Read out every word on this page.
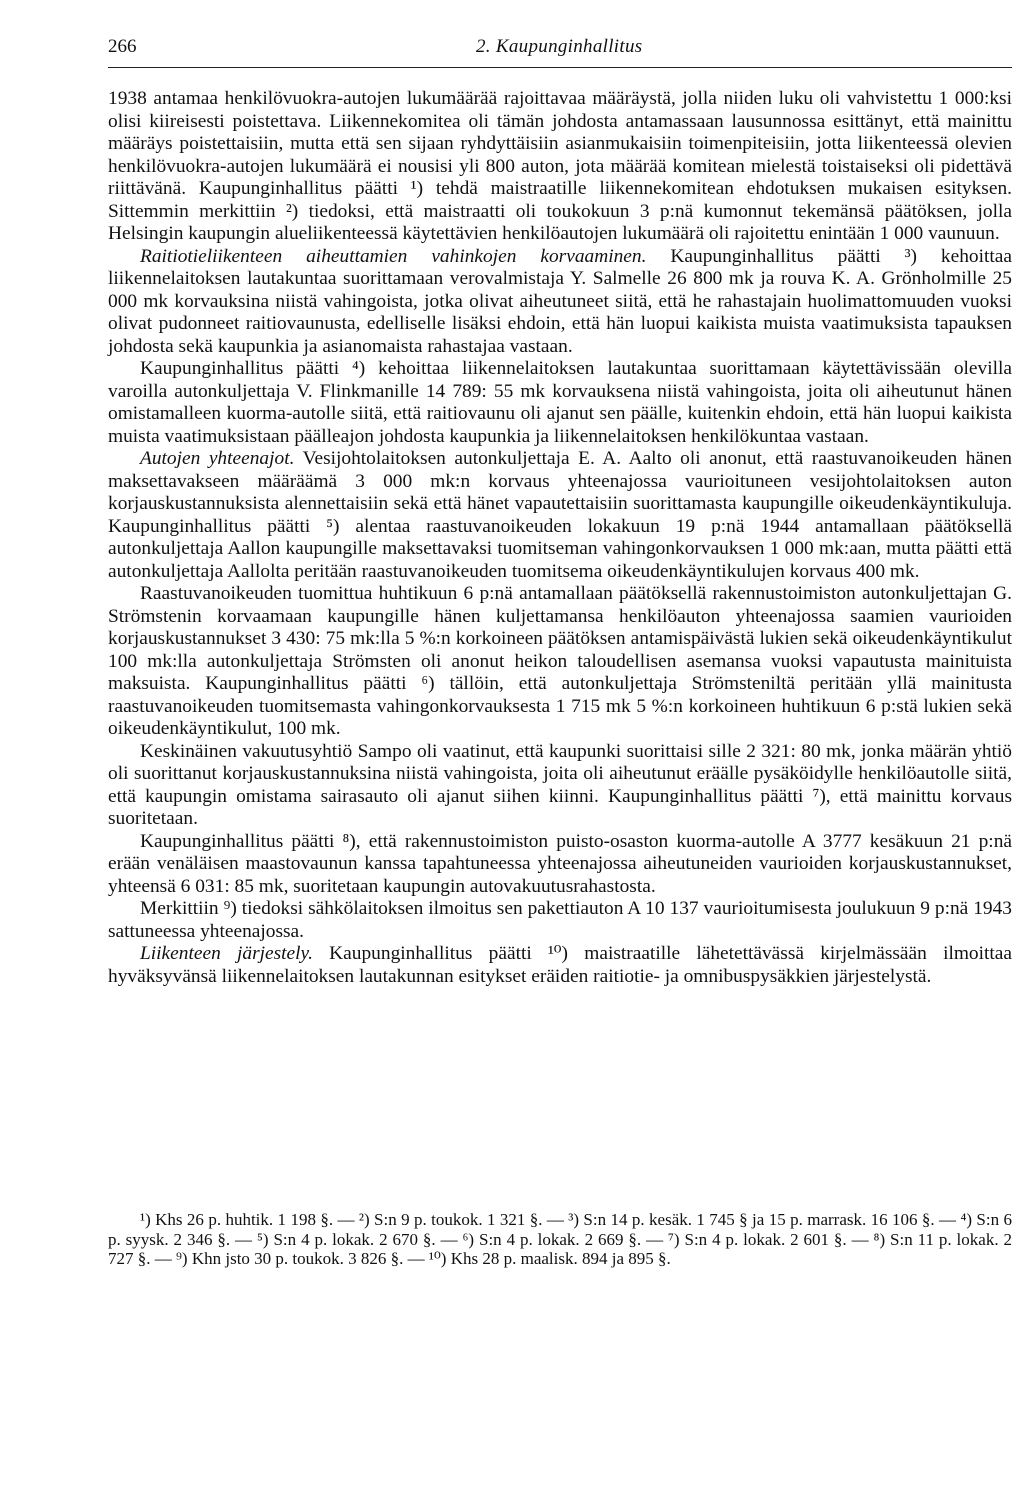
266	2. Kaupunginhallitus

1938 antamaa henkilövuokra-autojen lukumäärää rajoittavaa määräystä, jolla niiden luku oli vahvistettu 1 000:ksi olisi kiireisesti poistettava. Liikennekomitea oli tämän johdosta antamassaan lausunnossa esittänyt, että mainittu määräys poistettaisiin, mutta että sen sijaan ryhdyttäisiin asianmukaisiin toimenpiteisiin, jotta liikenteessä olevien henkilövuokra-autojen lukumäärä ei nousisi yli 800 auton, jota määrää komitean mielestä toistaiseksi oli pidettävä riittävänä. Kaupunginhallitus päätti ¹) tehdä maistraatille liikennekomitean ehdotuksen mukaisen esityksen. Sittemmin merkittiin ²) tiedoksi, että maistraatti oli toukokuun 3 p:nä kumonnut tekemänsä päätöksen, jolla Helsingin kaupungin alueliikenteessä käytettävien henkilöautojen lukumäärä oli rajoitettu enintään 1 000 vaunuun.

Raitiotieliikenteen aiheuttamien vahinkojen korvaaminen. Kaupunginhallitus päätti ³) kehoittaa liikennelaitoksen lautakuntaa suorittamaan verovalmistaja Y. Salmelle 26 800 mk ja rouva K. A. Grönholmille 25 000 mk korvauksina niistä vahingoista, jotka olivat aiheutuneet siitä, että he rahastajain huolimattomuuden vuoksi olivat pudonneet raitiovaunusta, edelliselle lisäksi ehdoin, että hän luopui kaikista muista vaatimuksista tapauksen johdosta sekä kaupunkia ja asianomaista rahastajaa vastaan.

Kaupunginhallitus päätti ⁴) kehoittaa liikennelaitoksen lautakuntaa suorittamaan käytettävissään olevilla varoilla autonkuljettaja V. Flinkmanille 14 789: 55 mk korvauksena niistä vahingoista, joita oli aiheutunut hänen omistamalleen kuorma-autolle siitä, että raitiovaunu oli ajanut sen päälle, kuitenkin ehdoin, että hän luopui kaikista muista vaatimuksistaan päälleajon johdosta kaupunkia ja liikennelaitoksen henkilökuntaa vastaan.

Autojen yhteenajot. Vesijohtolaitoksen autonkuljettaja E. A. Aalto oli anonut, että raastuvanoikeuden hänen maksettavakseen määräämä 3 000 mk:n korvaus yhteenajossa vaurioituneen vesijohtolaitoksen auton korjauskustannuksista alennettaisiin sekä että hänet vapautettaisiin suorittamasta kaupungille oikeudenkäyntikuluja. Kaupunginhallitus päätti ⁵) alentaa raastuvanoikeuden lokakuun 19 p:nä 1944 antamallaan päätöksellä autonkuljettaja Aallon kaupungille maksettavaksi tuomitseman vahingonkorvauksen 1 000 mk:aan, mutta päätti että autonkuljettaja Aallolta peritään raastuvanoikeuden tuomitsema oikeudenkäyntikulujen korvaus 400 mk.

Raastuvanoikeuden tuomittua huhtikuun 6 p:nä antamallaan päätöksellä rakennustoimiston autonkuljettajan G. Strömstenin korvaamaan kaupungille hänen kuljettamansa henkilöauton yhteenajossa saamien vaurioiden korjauskustannukset 3 430: 75 mk:lla 5 %:n korkoineen päätöksen antamispäivästä lukien sekä oikeudenkäyntikulut 100 mk:lla autonkuljettaja Strömsten oli anonut heikon taloudellisen asemansa vuoksi vapautusta mainituista maksuista. Kaupunginhallitus päätti ⁶) tällöin, että autonkuljettaja Strömsteniltä peritään yllä mainitusta raastuvanoikeuden tuomitsemasta vahingonkorvauksesta 1 715 mk 5 %:n korkoineen huhtikuun 6 p:stä lukien sekä oikeudenkäyntikulut, 100 mk.

Keskinäinen vakuutusyhtiö Sampo oli vaatinut, että kaupunki suorittaisi sille 2 321: 80 mk, jonka määrän yhtiö oli suorittanut korjauskustannuksina niistä vahingoista, joita oli aiheutunut eräälle pysäköidylle henkilöautolle siitä, että kaupungin omistama sairasauto oli ajanut siihen kiinni. Kaupunginhallitus päätti ⁷), että mainittu korvaus suoritetaan.

Kaupunginhallitus päätti ⁸), että rakennustoimiston puisto-osaston kuorma-autolle A 3777 kesäkuun 21 p:nä erään venäläisen maastovaunun kanssa tapahtuneessa yhteenajossa aiheutuneiden vaurioiden korjauskustannukset, yhteensä 6 031: 85 mk, suoritetaan kaupungin autovakuutusrahastosta.

Merkittiin ⁹) tiedoksi sähkölaitoksen ilmoitus sen pakettiauton A 10 137 vaurioitumisesta joulukuun 9 p:nä 1943 sattuneessa yhteenajossa.

Liikenteen järjestely. Kaupunginhallitus päätti ¹⁰) maistraatille lähetettävässä kirjelmässään ilmoittaa hyväksyvänsä liikennelaitoksen lautakunnan esitykset eräiden raitiotie- ja omnibuspysäkkien järjestelystä.

¹) Khs 26 p. huhtik. 1 198 §. — ²) S:n 9 p. toukok. 1 321 §. — ³) S:n 14 p. kesäk. 1 745 § ja 15 p. marrask. 16 106 §. — ⁴) S:n 6 p. syysk. 2 346 §. — ⁵) S:n 4 p. lokak. 2 670 §. — ⁶) S:n 4 p. lokak. 2 669 §. — ⁷) S:n 4 p. lokak. 2 601 §. — ⁸) S:n 11 p. lokak. 2 727 §. — ⁹) Khn jsto 30 p. toukok. 3 826 §. — ¹⁰) Khs 28 p. maalisk. 894 ja 895 §.
